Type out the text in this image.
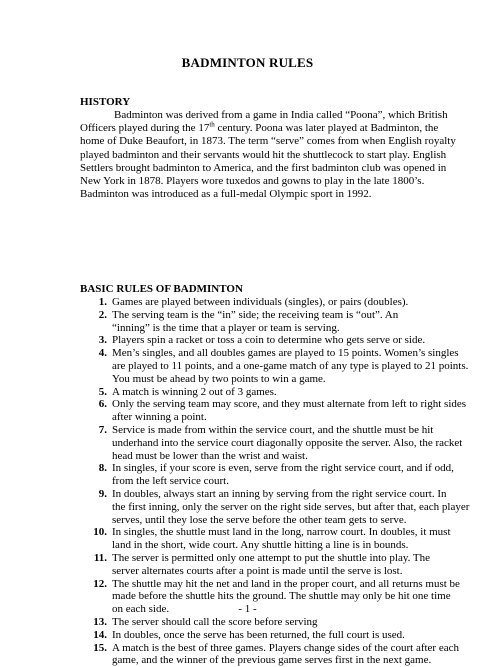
BADMINTON RULES
HISTORY
Badminton was derived from a game in India called “Poona”, which British
Officers played during the 17th century. Poona was later played at Badminton, the
home of Duke Beaufort, in 1873. The term “serve” comes from when English royalty
played badminton and their servants would hit the shuttlecock to start play. English
Settlers brought badminton to America, and the first badminton club was opened in
New York in 1878. Players wore tuxedos and gowns to play in the late 1800’s.
Badminton was introduced as a full-medal Olympic sport in 1992.
BASIC RULES OF BADMINTON
1. Games are played between individuals (singles), or pairs (doubles).
2. The serving team is the “in” side; the receiving team is “out”. An
“inning” is the time that a player or team is serving.
3. Players spin a racket or toss a coin to determine who gets serve or side.
4. Men’s singles, and all doubles games are played to 15 points. Women’s singles
are played to 11 points, and a one-game match of any type is played to 21 points.
You must be ahead by two points to win a game.
5. A match is winning 2 out of 3 games.
6. Only the serving team may score, and they must alternate from left to right sides
after winning a point.
7. Service is made from within the service court, and the shuttle must be hit
underhand into the service court diagonally opposite the server. Also, the racket
head must be lower than the wrist and waist.
8. In singles, if your score is even, serve from the right service court, and if odd,
from the left service court.
9. In doubles, always start an inning by serving from the right service court. In
the first inning, only the server on the right side serves, but after that, each player
serves, until they lose the serve before the other team gets to serve.
10. In singles, the shuttle must land in the long, narrow court. In doubles, it must
land in the short, wide court. Any shuttle hitting a line is in bounds.
11. The server is permitted only one attempt to put the shuttle into play. The
server alternates courts after a point is made until the serve is lost.
12. The shuttle may hit the net and land in the proper court, and all returns must be
made before the shuttle hits the ground. The shuttle may only be hit one time
on each side.
13. The server should call the score before serving
14. In doubles, once the serve has been returned, the full court is used.
15. A match is the best of three games. Players change sides of the court after each
game, and the winner of the previous game serves first in the next game.
- 1 -
